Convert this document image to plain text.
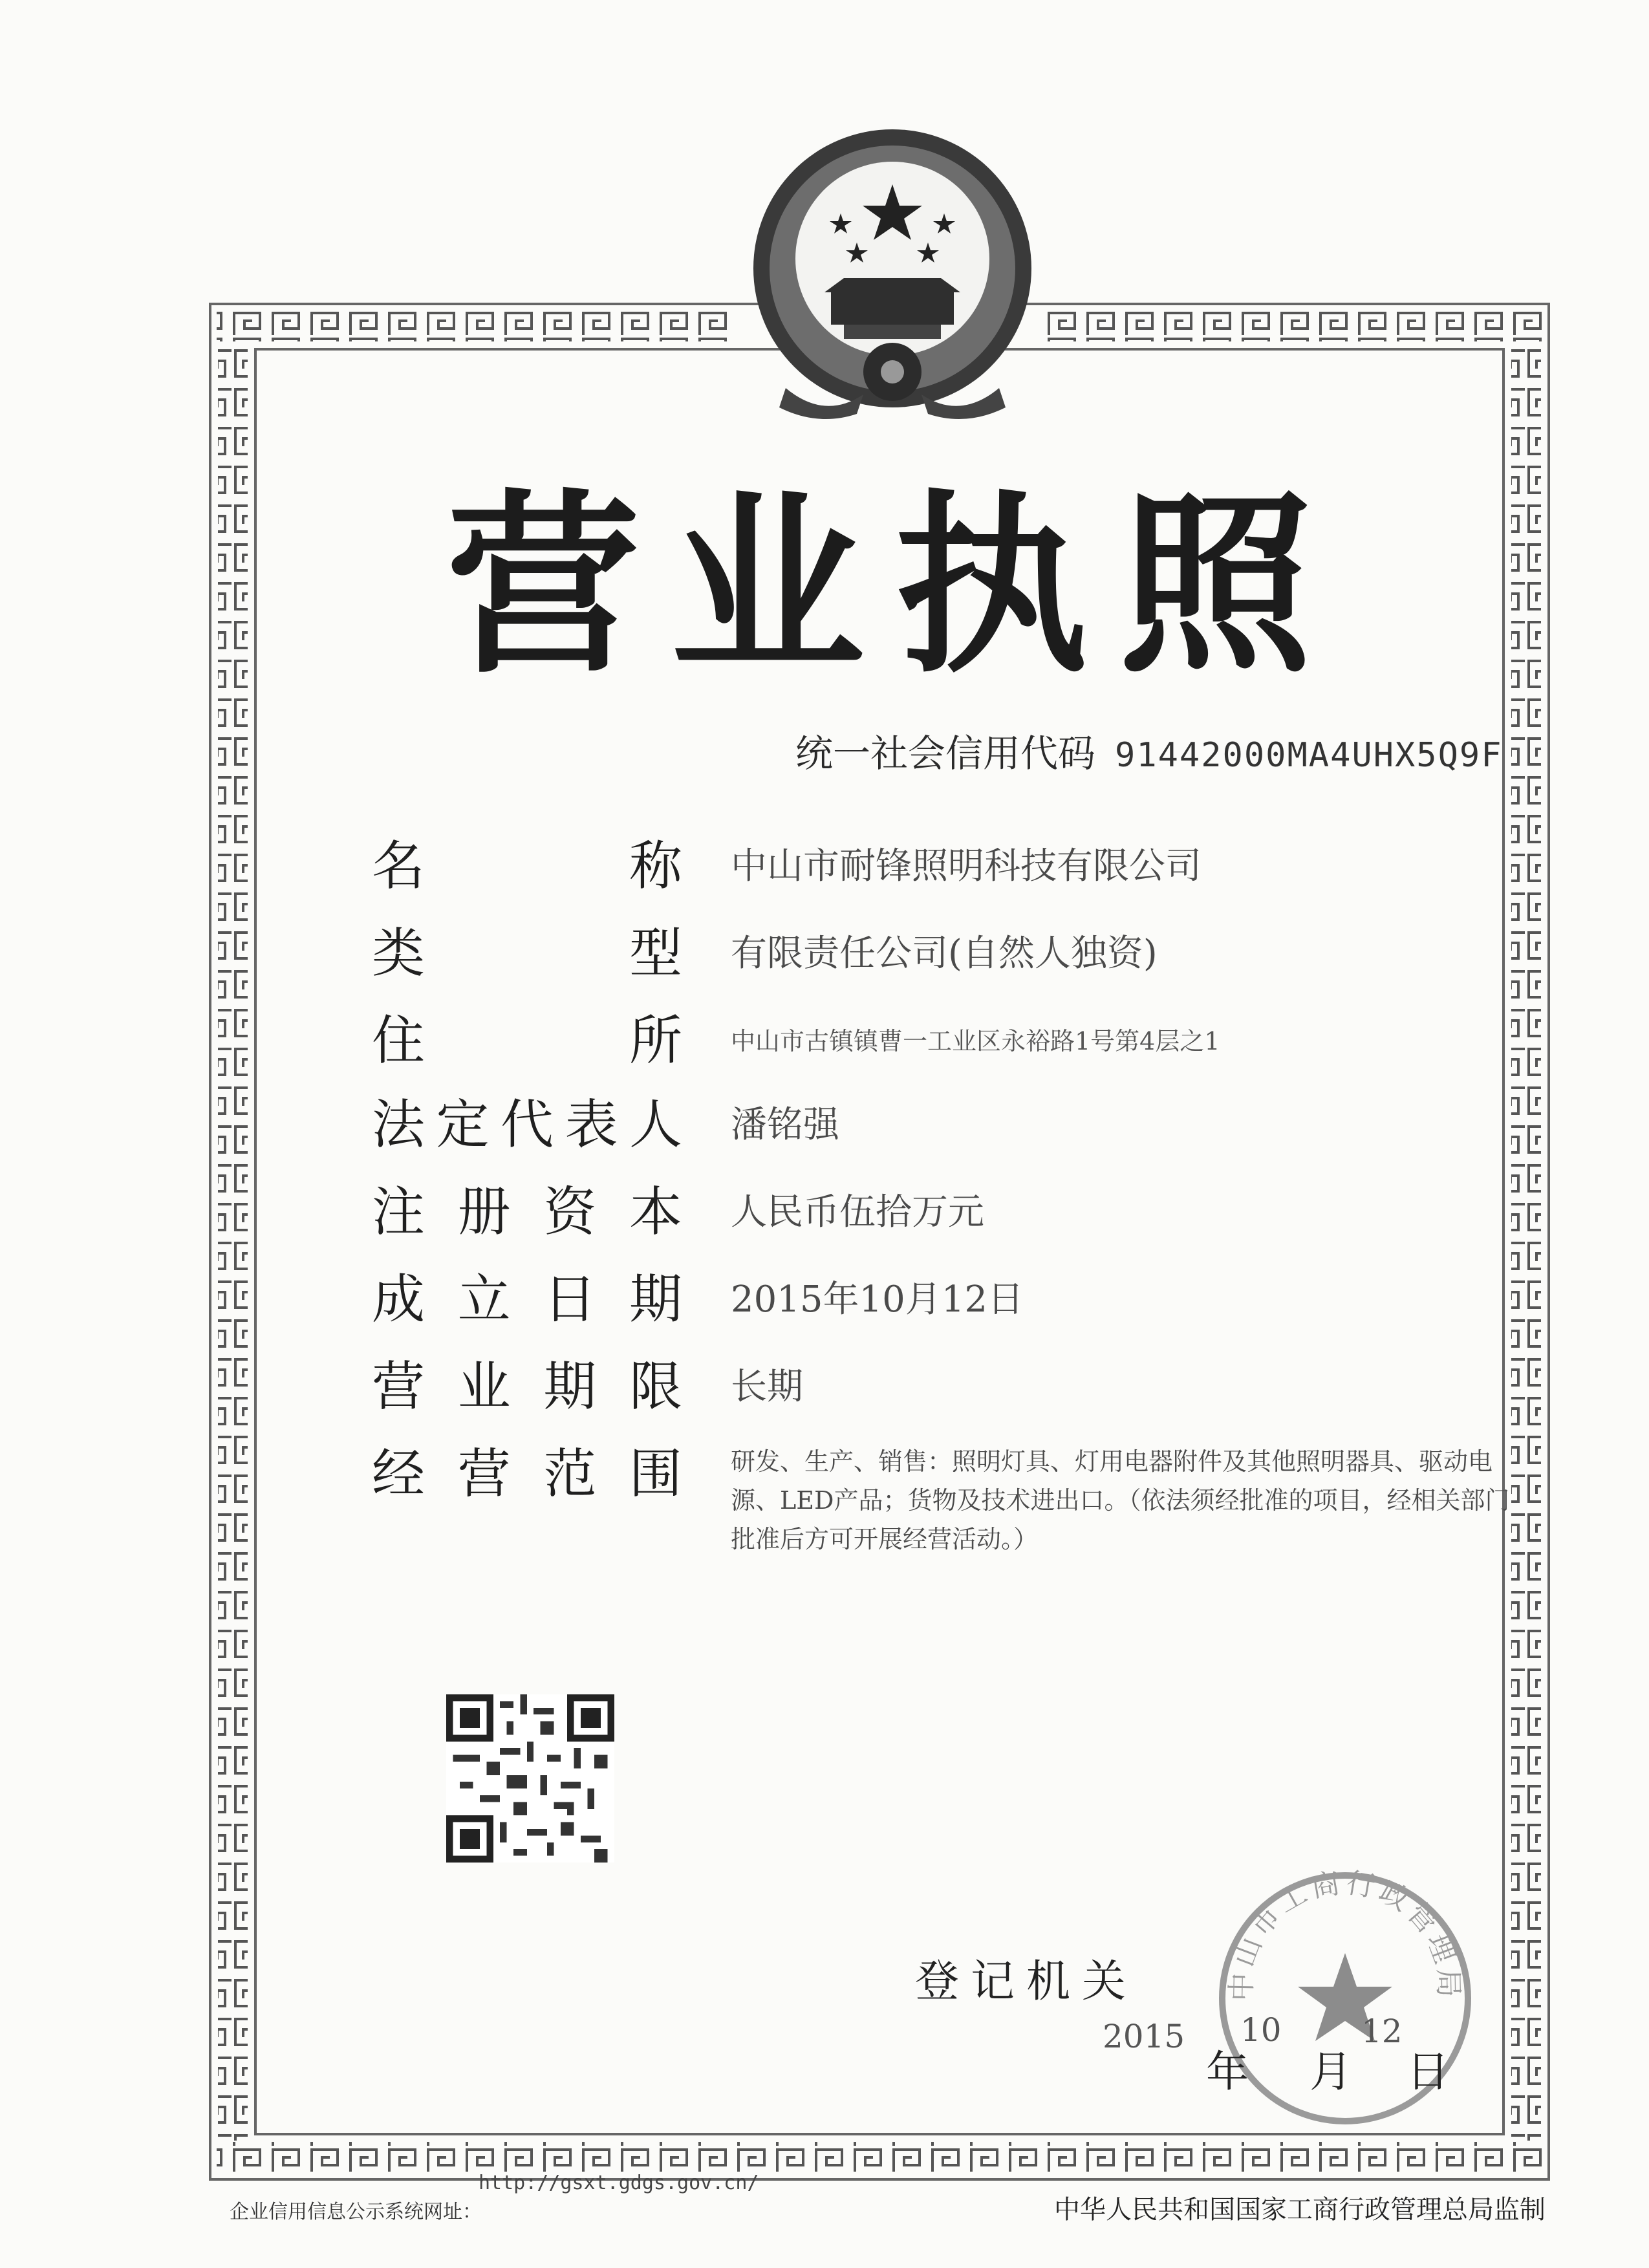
营 业 执 照
统一社会信用代码 91442000MA4UHX5Q9F
名	称 中山市耐锋照明科技有限公司
类	型 有限责任公司(自然人独资)
住	所 中山市古镇镇曹一工业区永裕路1号第4层之1
法 定 代 表 人 潘铭强
注 册 资 本 人民币伍拾万元
成 立 日 期 2015年10月12日
营 业 期 限 长期
经 营 范 围 研发、生产、销售：照明灯具、灯用电器附件及其他照明器具、驱动电源、LED产品；货物及技术进出口。（依法须经批准的项目，经相关部门批准后方可开展经营活动。）
中山市工商行政管理局
登记机关
2015
年
10
月
12
日
http://gsxt.gdgs.gov.cn/
企业信用信息公示系统网址：	中华人民共和国国家工商行政管理总局监制
